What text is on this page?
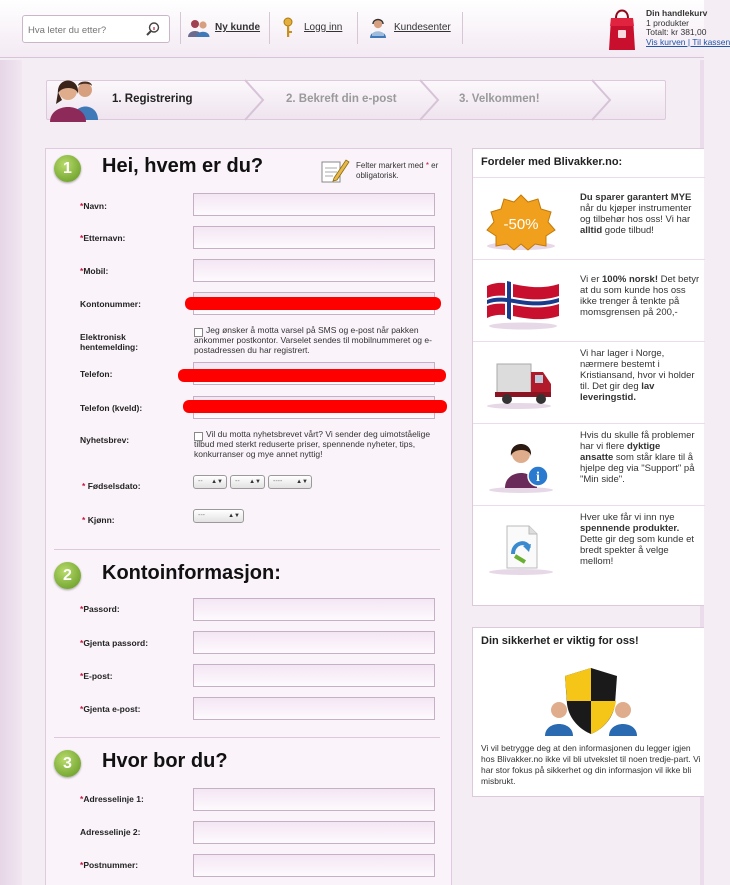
Hva leter du etter?
Ny kunde	Logg inn	Kundesenter
Din handlekurv
1 produkter
Totalt: kr 381,00
Vis kurven | Til kassen
1. Registrering	2. Bekreft din e-post	3. Velkommen!
1	Hei, hvem er du?	Felter markert med * er obligatorisk.
*Navn:
*Etternavn:
*Mobil:
Kontonummer:
Elektronisk
hentemelding:
Jeg ønsker å motta varsel på SMS og e-post når pakken ankommer postkontor. Varselet sendes til mobilnummeret og e-postadressen du har registrert.
Telefon:
Telefon (kveld):
Nyhetsbrev:
Vil du motta nyhetsbrevet vårt? Vi sender deg uimotståelige tilbud med sterkt reduserte priser, spennende nyheter, tips, konkurranser og mye annet nyttig!
* Fødselsdato:	-- ▲▼	-- ▲▼	---- ▲▼
* Kjønn:	---	▲▼
2	Kontoinformasjon:
*Passord:
*Gjenta passord:
*E-post:
*Gjenta e-post:
3	Hvor bor du?
*Adresselinje 1:
Adresselinje 2:
*Postnummer:
Fordeler med Blivakker.no:
-50%
Du sparer garantert MYE
når du kjøper instrumenter
og tilbehør hos oss! Vi har
alltid gode tilbud!
Vi er 100% norsk! Det betyr
at du som kunde hos oss
ikke trenger å tenkte på
momsgrensen på 200,-
Vi har lager i Norge,
nærmere bestemt i
Kristiansand, hvor vi holder
til. Det gir deg lav
leveringstid.
i
Hvis du skulle få problemer
har vi flere dyktige
ansatte som står klare til å
hjelpe deg via "Support" på
"Min side".
Hver uke får vi inn nye
spennende produkter.
Dette gir deg som kunde et
bredt spekter å velge
mellom!
Din sikkerhet er viktig for oss!
Vi vil betrygge deg at den informasjonen du legger igjen hos Blivakker.no ikke vil bli utvekslet til noen tredje-part. Vi har stor fokus på sikkerhet og din informasjon vil ikke bli misbrukt.
